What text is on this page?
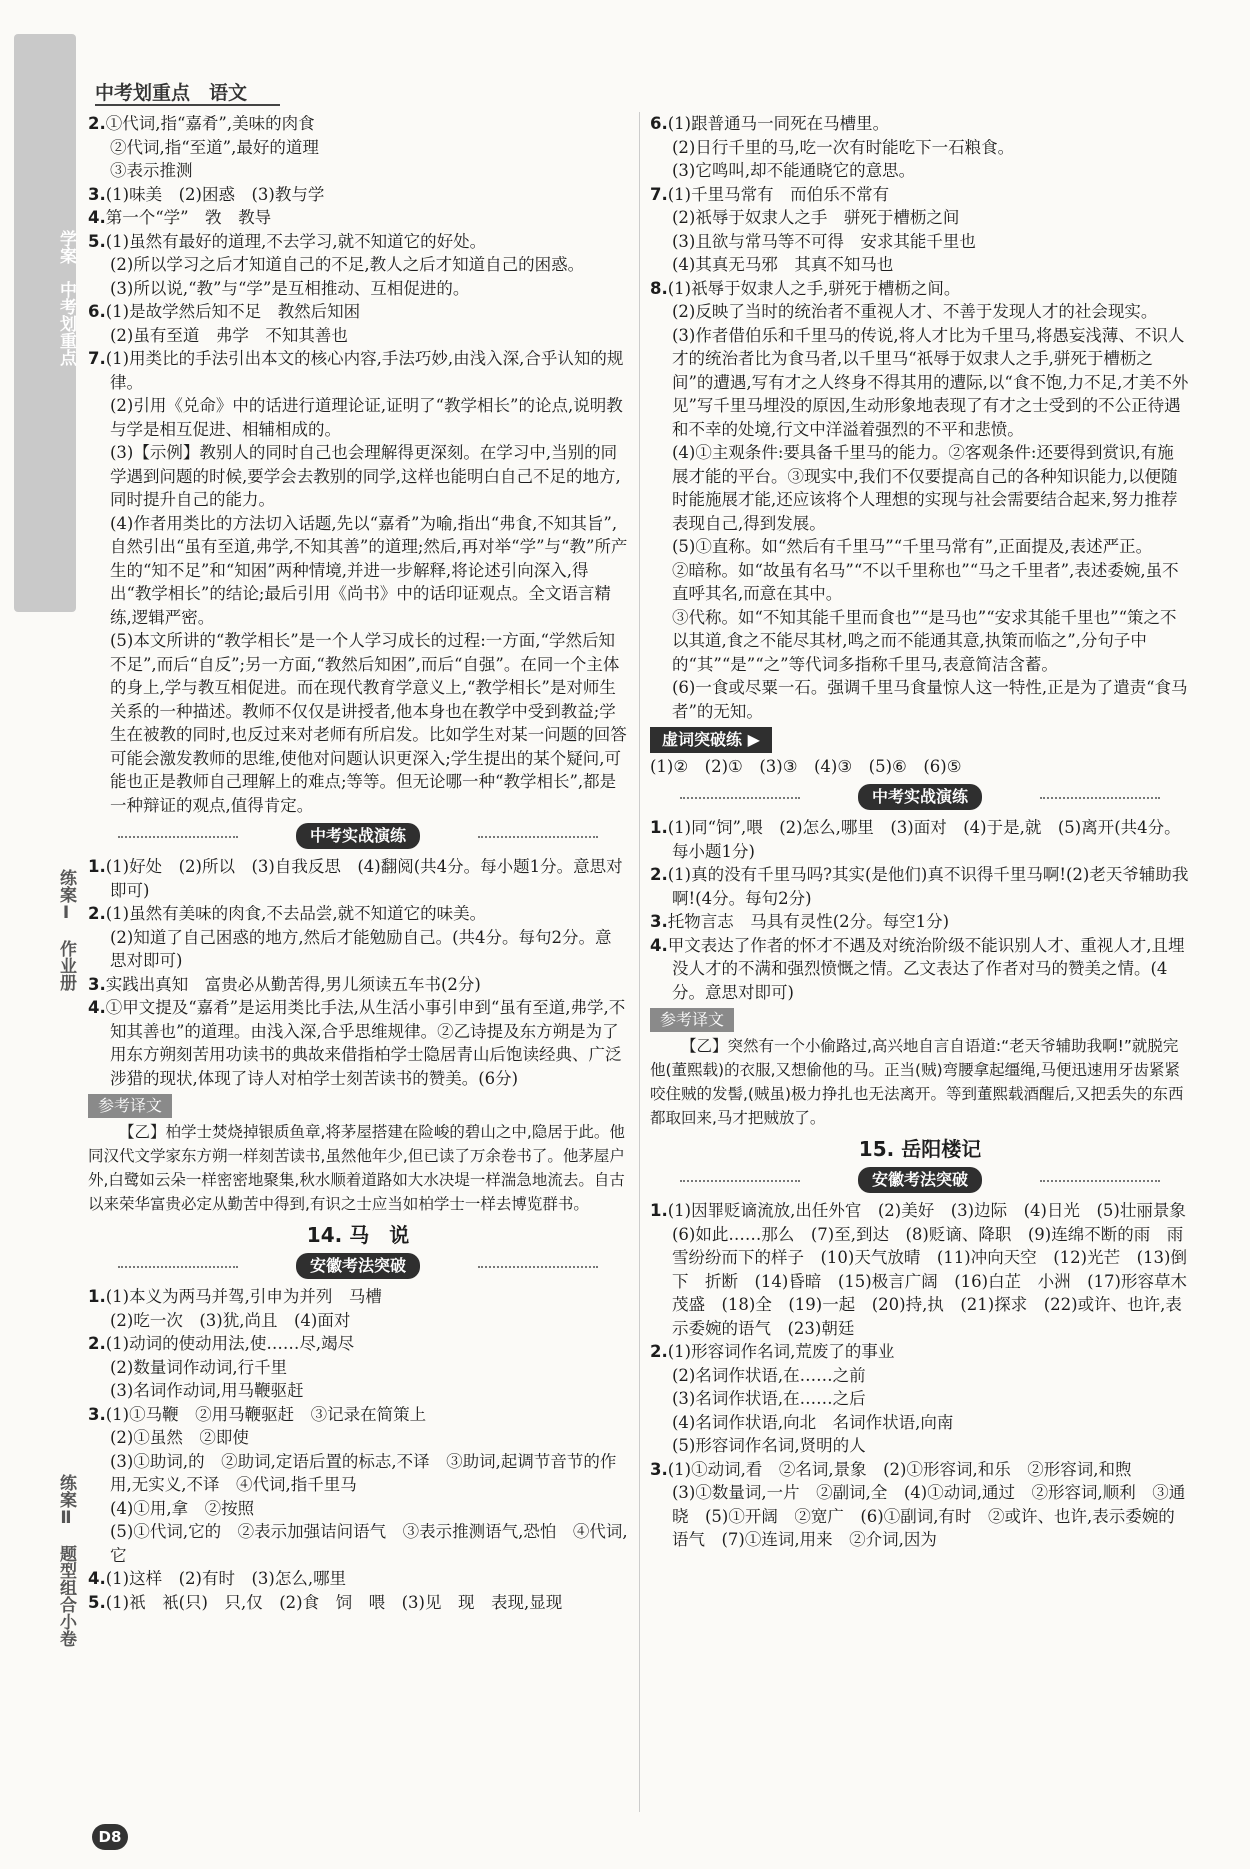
学案　中考划重点
练案Ⅰ　作业册
练案Ⅱ　题型组合小卷
中考划重点　语文

2.①代词,指“嘉肴”,美味的肉食

②代词,指“至道”,最好的道理

③表示推测

3.(1)味美　(2)困惑　(3)教与学

4.第一个“学”　敩　教导

5.(1)虽然有最好的道理,不去学习,就不知道它的好处。

(2)所以学习之后才知道自己的不足,教人之后才知道自己的困惑。

(3)所以说,“教”与“学”是互相推动、互相促进的。

6.(1)是故学然后知不足　教然后知困

(2)虽有至道　弗学　不知其善也

7.(1)用类比的手法引出本文的核心内容,手法巧妙,由浅入深,合乎认知的规律。

(2)引用《兑命》中的话进行道理论证,证明了“教学相长”的论点,说明教与学是相互促进、相辅相成的。

(3)【示例】教别人的同时自己也会理解得更深刻。在学习中,当别的同学遇到问题的时候,要学会去教别的同学,这样也能明白自己不足的地方,同时提升自己的能力。

(4)作者用类比的方法切入话题,先以“嘉肴”为喻,指出“弗食,不知其旨”,自然引出“虽有至道,弗学,不知其善”的道理;然后,再对举“学”与“教”所产生的“知不足”和“知困”两种情境,并进一步解释,将论述引向深入,得出“教学相长”的结论;最后引用《尚书》中的话印证观点。全文语言精练,逻辑严密。

(5)本文所讲的“教学相长”是一个人学习成长的过程:一方面,“学然后知不足”,而后“自反”;另一方面,“教然后知困”,而后“自强”。在同一个主体的身上,学与教互相促进。而在现代教育学意义上,“教学相长”是对师生关系的一种描述。教师不仅仅是讲授者,他本身也在教学中受到教益;学生在被教的同时,也反过来对老师有所启发。比如学生对某一问题的回答可能会激发教师的思维,使他对问题认识更深入;学生提出的某个疑问,可能也正是教师自己理解上的难点;等等。但无论哪一种“教学相长”,都是一种辩证的观点,值得肯定。

中考实战演练

1.(1)好处　(2)所以　(3)自我反思　(4)翻阅(共4分。每小题1分。意思对即可)

2.(1)虽然有美味的肉食,不去品尝,就不知道它的味美。

(2)知道了自己困惑的地方,然后才能勉励自己。(共4分。每句2分。意思对即可)

3.实践出真知　富贵必从勤苦得,男儿须读五车书(2分)

4.①甲文提及“嘉肴”是运用类比手法,从生活小事引申到“虽有至道,弗学,不知其善也”的道理。由浅入深,合乎思维规律。②乙诗提及东方朔是为了用东方朔刻苦用功读书的典故来借指柏学士隐居青山后饱读经典、广泛涉猎的现状,体现了诗人对柏学士刻苦读书的赞美。(6分)

参考译文

【乙】柏学士焚烧掉银质鱼章,将茅屋搭建在险峻的碧山之中,隐居于此。他同汉代文学家东方朔一样刻苦读书,虽然他年少,但已读了万余卷书了。他茅屋户外,白鹭如云朵一样密密地聚集,秋水顺着道路如大水决堤一样湍急地流去。自古以来荣华富贵必定从勤苦中得到,有识之士应当如柏学士一样去博览群书。

14. 马　说
安徽考法突破

1.(1)本义为两马并驾,引申为并列　马槽

(2)吃一次　(3)犹,尚且　(4)面对

2.(1)动词的使动用法,使……尽,竭尽

(2)数量词作动词,行千里

(3)名词作动词,用马鞭驱赶

3.(1)①马鞭　②用马鞭驱赶　③记录在简策上

(2)①虽然　②即使

(3)①助词,的　②助词,定语后置的标志,不译　③助词,起调节音节的作用,无实义,不译　④代词,指千里马

(4)①用,拿　②按照

(5)①代词,它的　②表示加强诘问语气　③表示推测语气,恐怕　④代词,它

4.(1)这样　(2)有时　(3)怎么,哪里

5.(1)祇　衹(只)　只,仅　(2)食　饲　喂　(3)见　现　表现,显现

6.(1)跟普通马一同死在马槽里。

(2)日行千里的马,吃一次有时能吃下一石粮食。

(3)它鸣叫,却不能通晓它的意思。

7.(1)千里马常有　而伯乐不常有

(2)祇辱于奴隶人之手　骈死于槽枥之间

(3)且欲与常马等不可得　安求其能千里也

(4)其真无马邪　其真不知马也

8.(1)祇辱于奴隶人之手,骈死于槽枥之间。

(2)反映了当时的统治者不重视人才、不善于发现人才的社会现实。

(3)作者借伯乐和千里马的传说,将人才比为千里马,将愚妄浅薄、不识人才的统治者比为食马者,以千里马“祇辱于奴隶人之手,骈死于槽枥之间”的遭遇,写有才之人终身不得其用的遭际,以“食不饱,力不足,才美不外见”写千里马埋没的原因,生动形象地表现了有才之士受到的不公正待遇和不幸的处境,行文中洋溢着强烈的不平和悲愤。

(4)①主观条件:要具备千里马的能力。②客观条件:还要得到赏识,有施展才能的平台。③现实中,我们不仅要提高自己的各种知识能力,以便随时能施展才能,还应该将个人理想的实现与社会需要结合起来,努力推荐表现自己,得到发展。

(5)①直称。如“然后有千里马”“千里马常有”,正面提及,表述严正。

②暗称。如“故虽有名马”“不以千里称也”“马之千里者”,表述委婉,虽不直呼其名,而意在其中。

③代称。如“不知其能千里而食也”“是马也”“安求其能千里也”“策之不以其道,食之不能尽其材,鸣之而不能通其意,执策而临之”,分句子中的“其”“是”“之”等代词多指称千里马,表意简洁含蓄。

(6)一食或尽粟一石。强调千里马食量惊人这一特性,正是为了遣责“食马者”的无知。

虚词突破练 ▶

(1)②　(2)①　(3)③　(4)③　(5)⑥　(6)⑤

中考实战演练

1.(1)同“饲”,喂　(2)怎么,哪里　(3)面对　(4)于是,就　(5)离开(共4分。每小题1分)

2.(1)真的没有千里马吗?其实(是他们)真不识得千里马啊!(2)老天爷辅助我啊!(4分。每句2分)

3.托物言志　马具有灵性(2分。每空1分)

4.甲文表达了作者的怀才不遇及对统治阶级不能识别人才、重视人才,且埋没人才的不满和强烈愤慨之情。乙文表达了作者对马的赞美之情。(4分。意思对即可)

参考译文

【乙】突然有一个小偷路过,高兴地自言自语道:“老天爷辅助我啊!”就脱完他(董熙载)的衣服,又想偷他的马。正当(贼)弯腰拿起缰绳,马便迅速用牙齿紧紧咬住贼的发髻,(贼虽)极力挣扎也无法离开。等到董熙载酒醒后,又把丢失的东西都取回来,马才把贼放了。

15. 岳阳楼记
安徽考法突破

1.(1)因罪贬谪流放,出任外官　(2)美好　(3)边际　(4)日光　(5)壮丽景象　(6)如此……那么　(7)至,到达　(8)贬谪、降职　(9)连绵不断的雨　雨雪纷纷而下的样子　(10)天气放晴　(11)冲向天空　(12)光芒　(13)倒下　折断　(14)昏暗　(15)极言广阔　(16)白芷　小洲　(17)形容草木茂盛　(18)全　(19)一起　(20)持,执　(21)探求　(22)或许、也许,表示委婉的语气　(23)朝廷

2.(1)形容词作名词,荒废了的事业

(2)名词作状语,在……之前

(3)名词作状语,在……之后

(4)名词作状语,向北　名词作状语,向南

(5)形容词作名词,贤明的人

3.(1)①动词,看　②名词,景象　(2)①形容词,和乐　②形容词,和煦

(3)①数量词,一片　②副词,全　(4)①动词,通过　②形容词,顺利　③通晓　(5)①开阔　②宽广　(6)①副词,有时　②或许、也许,表示委婉的语气　(7)①连词,用来　②介词,因为

D8
